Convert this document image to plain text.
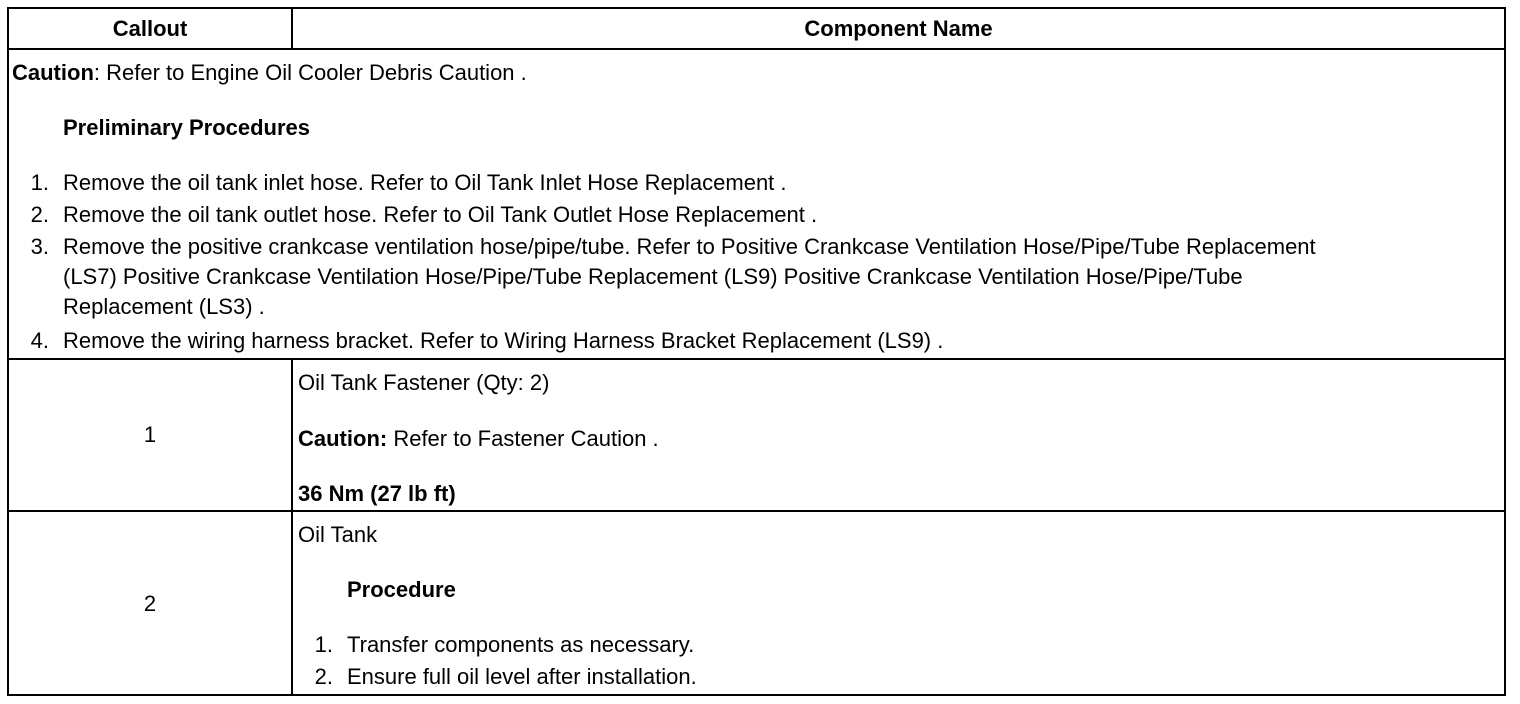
Callout	Component Name
Caution: Refer to Engine Oil Cooler Debris Caution .
Preliminary Procedures
1. Remove the oil tank inlet hose. Refer to Oil Tank Inlet Hose Replacement .
2. Remove the oil tank outlet hose. Refer to Oil Tank Outlet Hose Replacement .
3. Remove the positive crankcase ventilation hose/pipe/tube. Refer to Positive Crankcase Ventilation Hose/Pipe/Tube Replacement
(LS7) Positive Crankcase Ventilation Hose/Pipe/Tube Replacement (LS9) Positive Crankcase Ventilation Hose/Pipe/Tube
Replacement (LS3) .
4. Remove the wiring harness bracket. Refer to Wiring Harness Bracket Replacement (LS9) .
1
Oil Tank Fastener (Qty: 2)
Caution: Refer to Fastener Caution .
36 Nm (27 lb ft)
2
Oil Tank
Procedure
1. Transfer components as necessary.
2. Ensure full oil level after installation.
